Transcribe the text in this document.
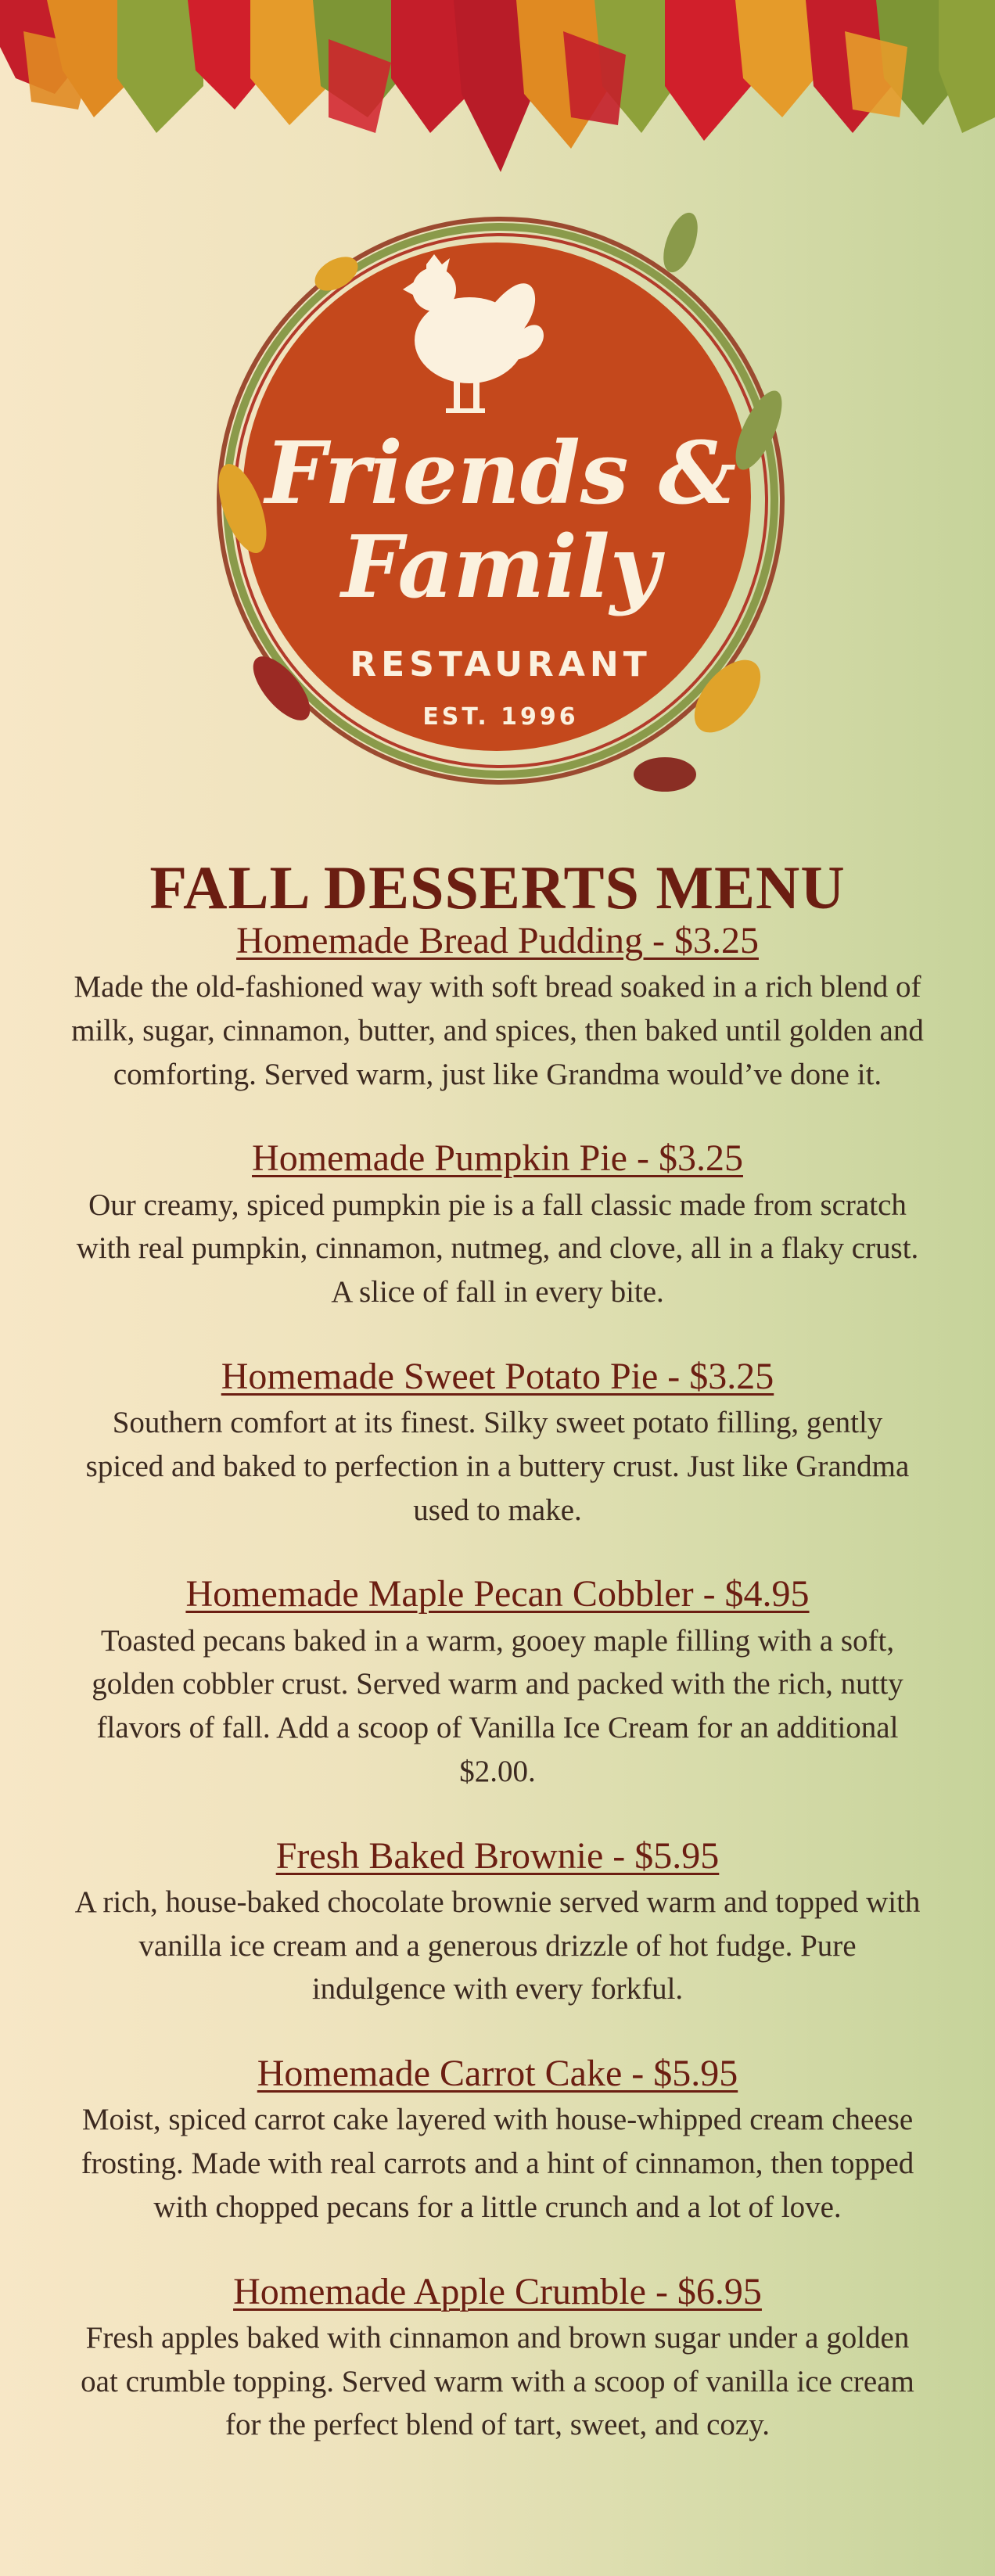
Friends &
Family
RESTAURANT
EST. 1996
FALL DESSERTS MENU

Homemade Bread Pudding - $3.25

Made the old-fashioned way with soft bread soaked in a rich blend of milk, sugar, cinnamon, butter, and spices, then baked until golden and comforting. Served warm, just like Grandma would’ve done it.

Homemade Pumpkin Pie - $3.25

Our creamy, spiced pumpkin pie is a fall classic made from scratch with real pumpkin, cinnamon, nutmeg, and clove, all in a flaky crust. A slice of fall in every bite.

Homemade Sweet Potato Pie - $3.25

Southern comfort at its finest. Silky sweet potato filling, gently spiced and baked to perfection in a buttery crust. Just like Grandma used to make.

Homemade Maple Pecan Cobbler - $4.95

Toasted pecans baked in a warm, gooey maple filling with a soft, golden cobbler crust. Served warm and packed with the rich, nutty flavors of fall. Add a scoop of Vanilla Ice Cream for an additional $2.00.

Fresh Baked Brownie - $5.95

A rich, house-baked chocolate brownie served warm and topped with vanilla ice cream and a generous drizzle of hot fudge. Pure indulgence with every forkful.

Homemade Carrot Cake - $5.95

Moist, spiced carrot cake layered with house-whipped cream cheese frosting. Made with real carrots and a hint of cinnamon, then topped with chopped pecans for a little crunch and a lot of love.

Homemade Apple Crumble - $6.95

Fresh apples baked with cinnamon and brown sugar under a golden oat crumble topping. Served warm with a scoop of vanilla ice cream for the perfect blend of tart, sweet, and cozy.
